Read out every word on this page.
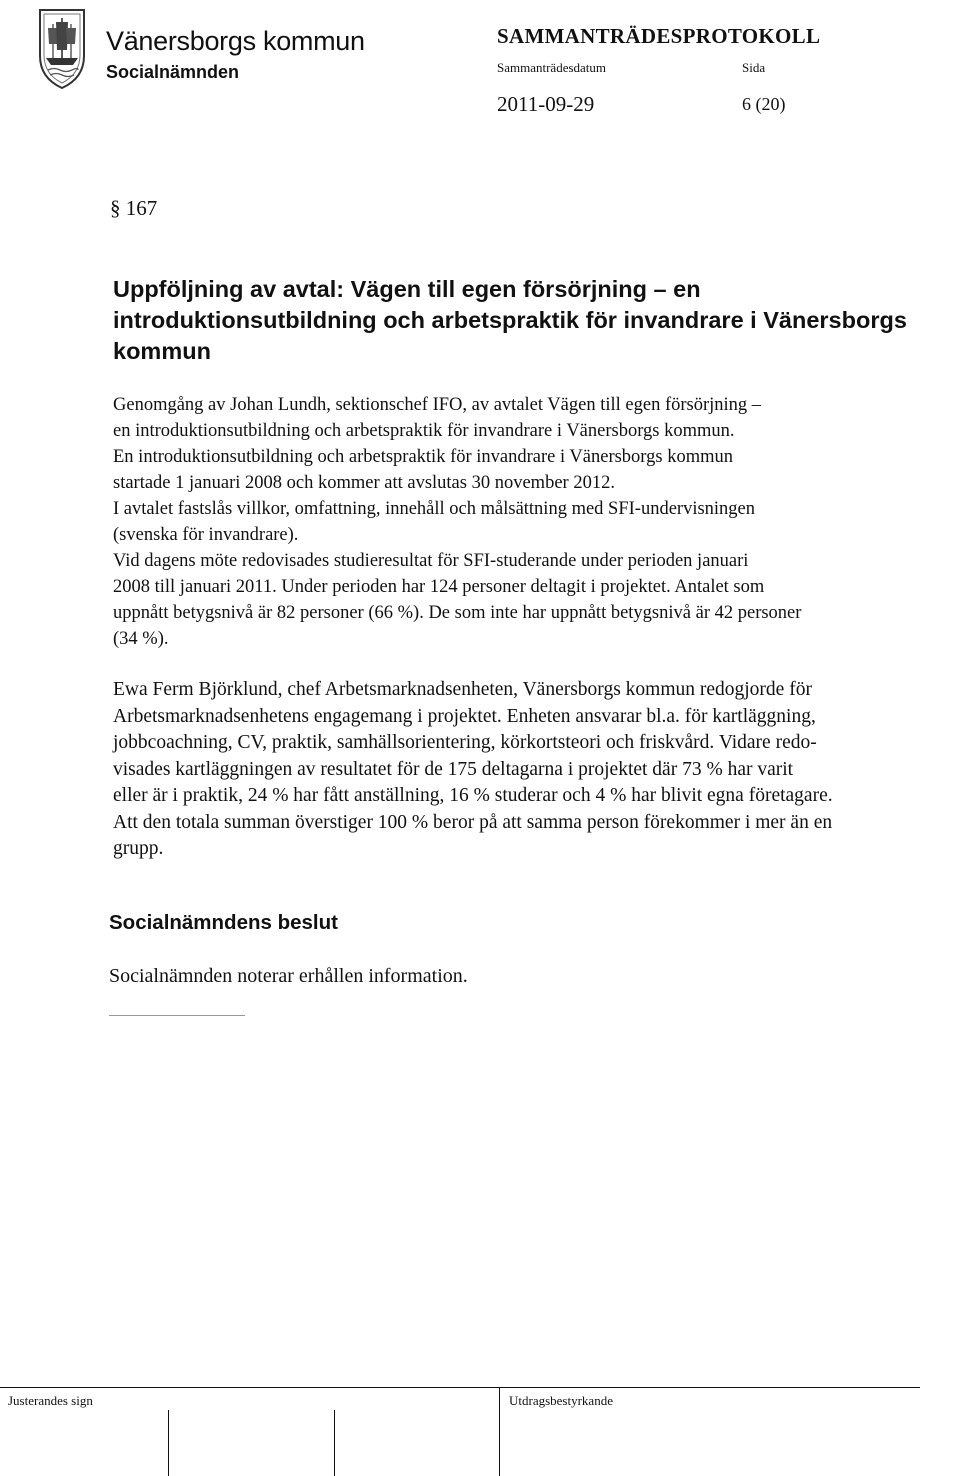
Vänersborgs kommun
Socialnämnden
SAMMANTRÄDESPROTOKOLL
Sammanträdesdatum	Sida
2011-09-29	6 (20)
§ 167
Uppföljning av avtal: Vägen till egen försörjning – en introduktionsutbildning och arbetspraktik för invandrare i Vänersborgs kommun
Genomgång av Johan Lundh, sektionschef IFO, av avtalet Vägen till egen försörjning –
en introduktionsutbildning och arbetspraktik för invandrare i Vänersborgs kommun.
En introduktionsutbildning och arbetspraktik för invandrare i Vänersborgs kommun
startade 1 januari 2008 och kommer att avslutas 30 november 2012.
I avtalet fastslås villkor, omfattning, innehåll och målsättning med SFI-undervisningen
(svenska för invandrare).
Vid dagens möte redovisades studieresultat för SFI-studerande under perioden januari
2008 till januari 2011. Under perioden har 124 personer deltagit i projektet. Antalet som
uppnått betygsnivå är 82 personer (66 %). De som inte har uppnått betygsnivå är 42 personer
(34 %).
Ewa Ferm Björklund, chef Arbetsmarknadsenheten, Vänersborgs kommun redogjorde för
Arbetsmarknadsenhetens engagemang i projektet. Enheten ansvarar bl.a. för kartläggning,
jobbcoachning, CV, praktik, samhällsorientering, körkortsteori och friskvård. Vidare redo-
visades kartläggningen av resultatet för de 175 deltagarna i projektet där 73 % har varit
eller är i praktik, 24 % har fått anställning, 16 % studerar och 4 % har blivit egna företagare.
Att den totala summan överstiger 100 % beror på att samma person förekommer i mer än en
grupp.
Socialnämndens beslut
Socialnämnden noterar erhållen information.
Justerandes sign	Utdragsbestyrkande
